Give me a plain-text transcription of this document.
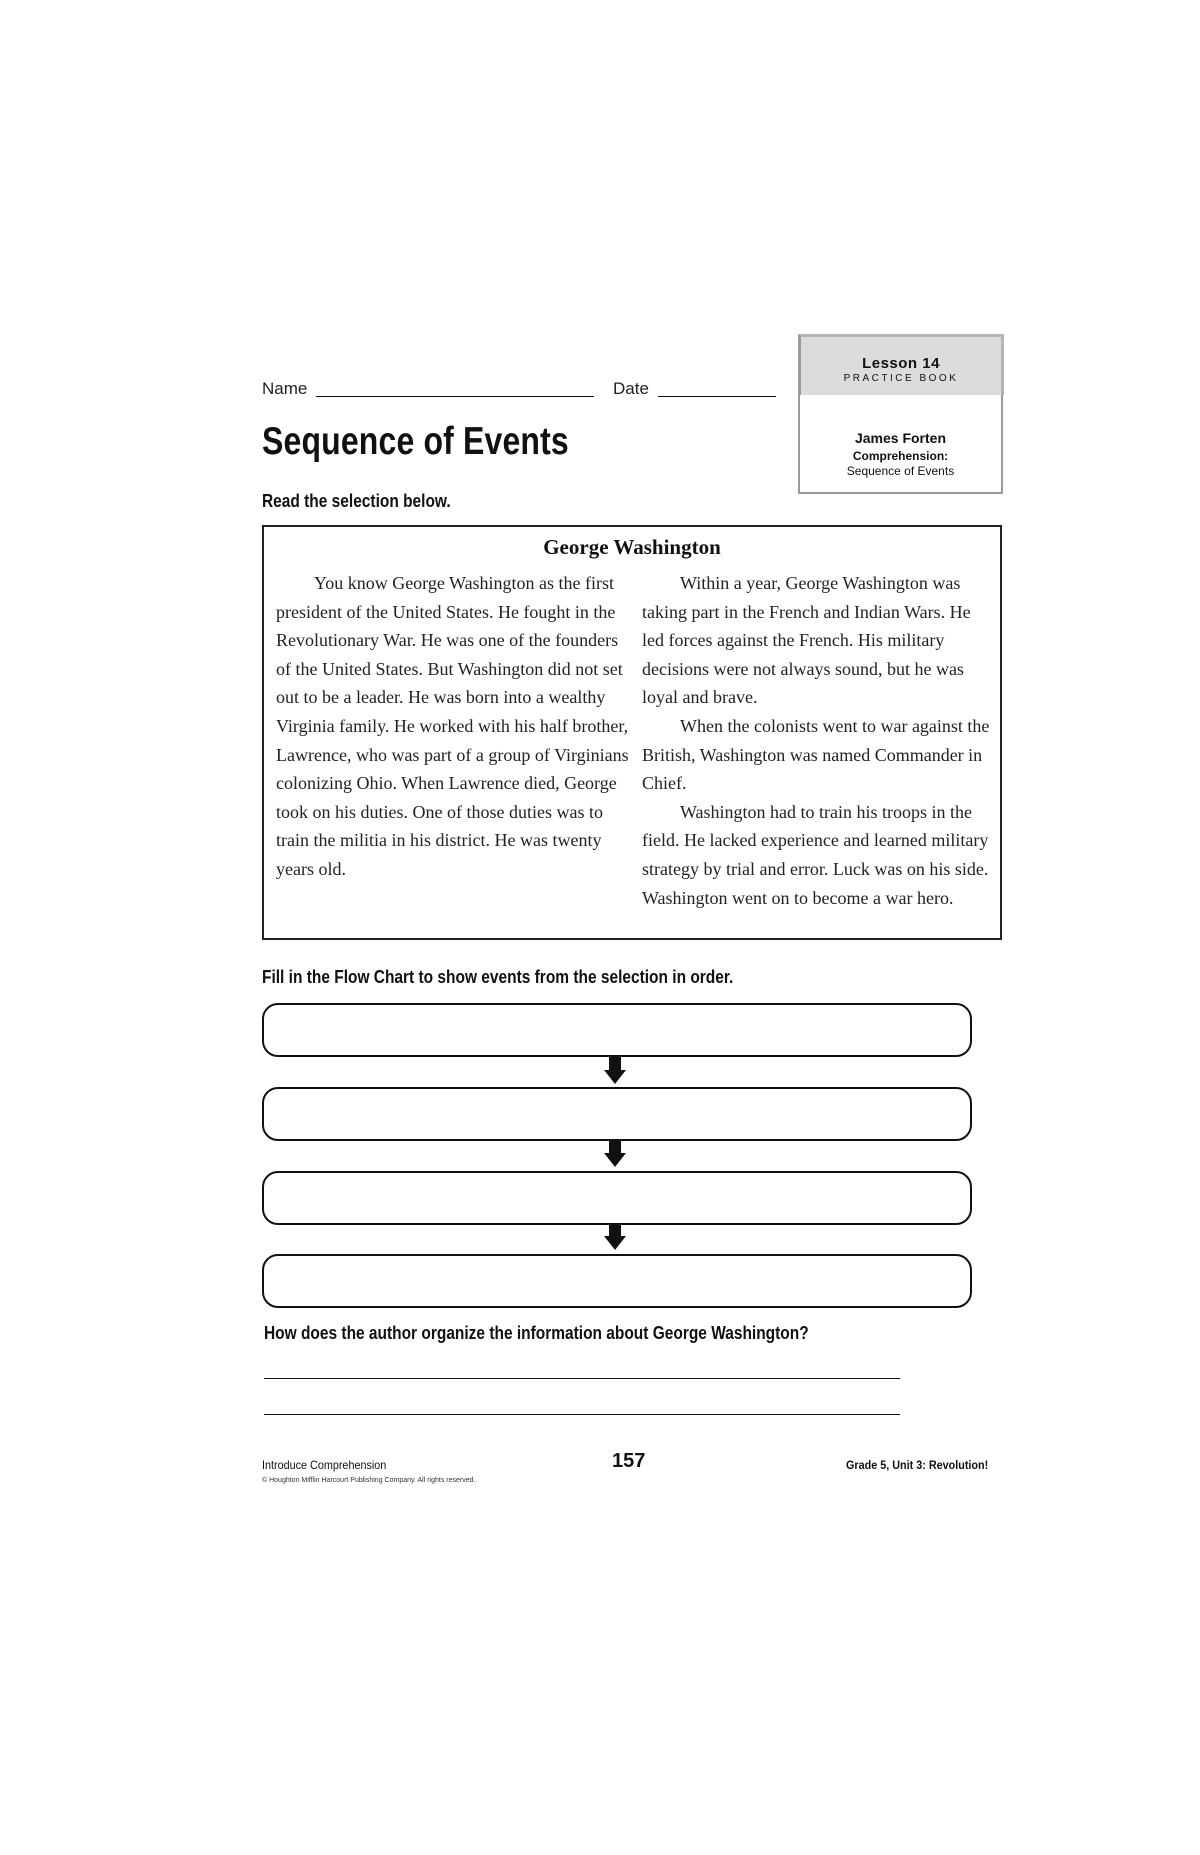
Name	Date
Lesson 14
PRACTICE BOOK
James Forten
Comprehension:
Sequence of Events
Sequence of Events
Read the selection below.
George Washington

You know George Washington as the first president of the United States. He fought in the Revolutionary War. He was one of the founders of the United States. But Washington did not set out to be a leader. He was born into a wealthy Virginia family. He worked with his half brother, Lawrence, who was part of a group of Virginians colonizing Ohio. When Lawrence died, George took on his duties. One of those duties was to train the militia in his district. He was twenty years old.

Within a year, George Washington was taking part in the French and Indian Wars. He led forces against the French. His military decisions were not always sound, but he was loyal and brave.

When the colonists went to war against the British, Washington was named Commander in Chief.

Washington had to train his troops in the field. He lacked experience and learned military strategy by trial and error. Luck was on his side. Washington went on to become a war hero.

Fill in the Flow Chart to show events from the selection in order.
How does the author organize the information about George Washington?
Introduce Comprehension
© Houghton Mifflin Harcourt Publishing Company. All rights reserved.
157	Grade 5, Unit 3: Revolution!
